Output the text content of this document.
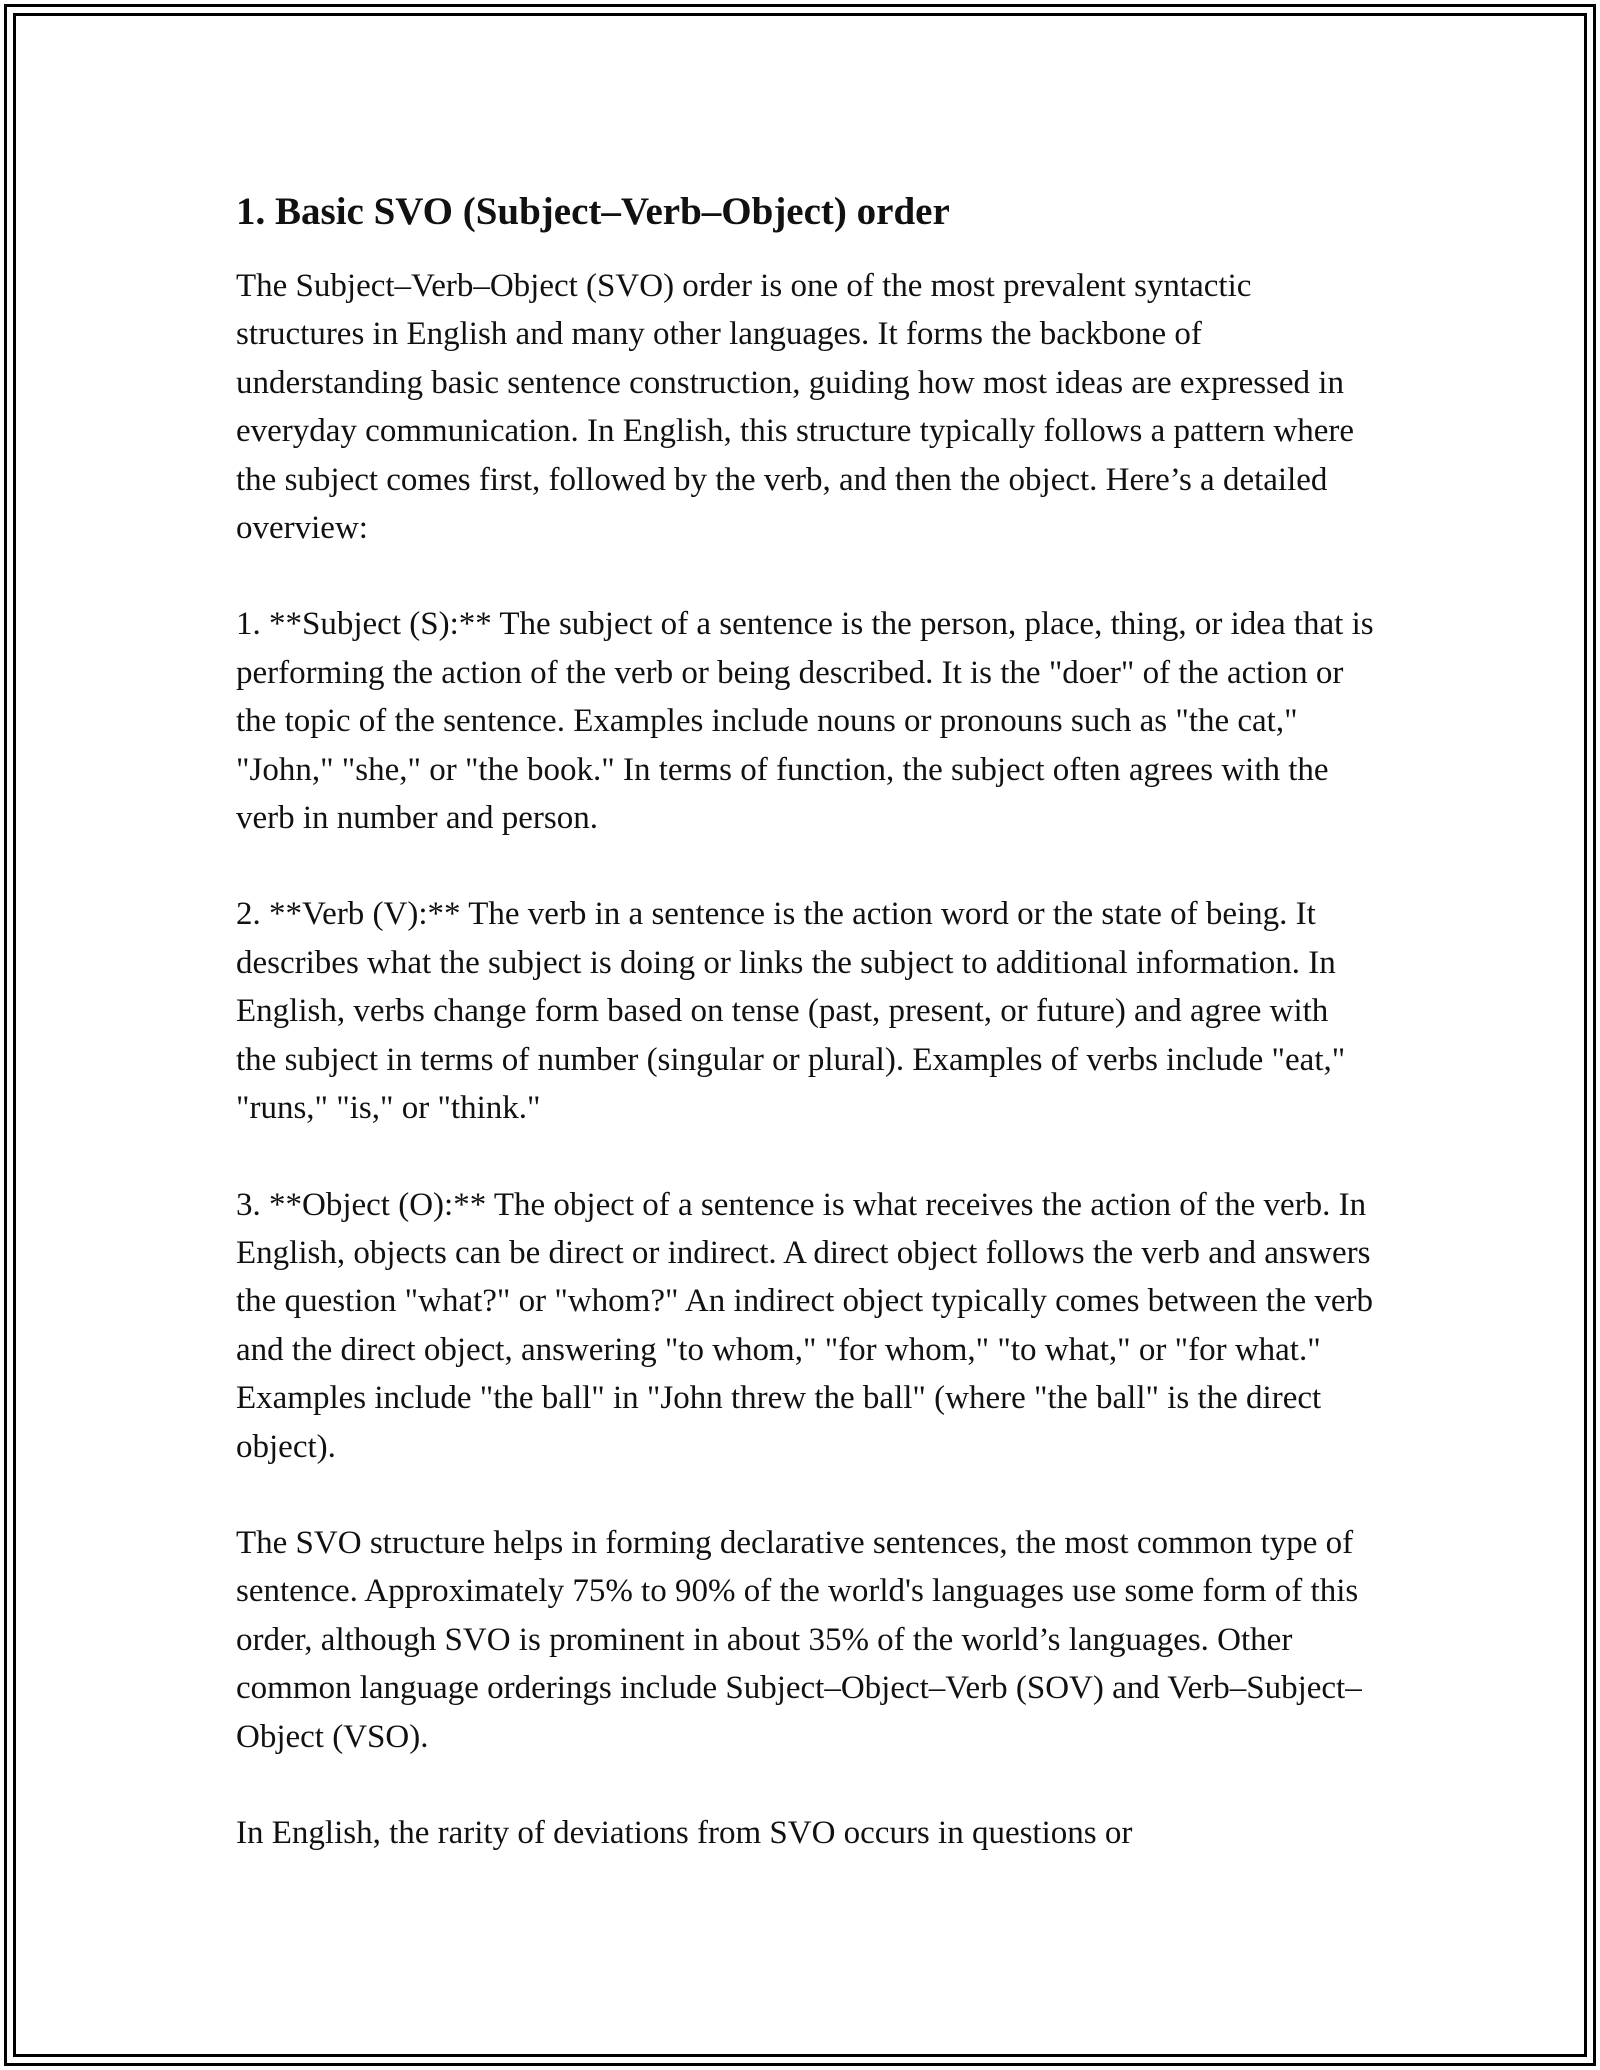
1. Basic SVO (Subject–Verb–Object) order

The Subject–Verb–Object (SVO) order is one of the most prevalent syntactic structures in English and many other languages. It forms the backbone of understanding basic sentence construction, guiding how most ideas are expressed in everyday communication. In English, this structure typically follows a pattern where the subject comes first, followed by the verb, and then the object. Here’s a detailed overview:

1. **Subject (S):** The subject of a sentence is the person, place, thing, or idea that is performing the action of the verb or being described. It is the "doer" of the action or the topic of the sentence. Examples include nouns or pronouns such as "the cat," "John," "she," or "the book." In terms of function, the subject often agrees with the verb in number and person.

2. **Verb (V):** The verb in a sentence is the action word or the state of being. It describes what the subject is doing or links the subject to additional information. In English, verbs change form based on tense (past, present, or future) and agree with the subject in terms of number (singular or plural). Examples of verbs include "eat," "runs," "is," or "think."

3. **Object (O):** The object of a sentence is what receives the action of the verb. In English, objects can be direct or indirect. A direct object follows the verb and answers the question "what?" or "whom?" An indirect object typically comes between the verb and the direct object, answering "to whom," "for whom," "to what," or "for what." Examples include "the ball" in "John threw the ball" (where "the ball" is the direct object).

The SVO structure helps in forming declarative sentences, the most common type of sentence. Approximately 75% to 90% of the world's languages use some form of this order, although SVO is prominent in about 35% of the world’s languages. Other common language orderings include Subject–Object–Verb (SOV) and Verb–Subject–Object (VSO).

In English, the rarity of deviations from SVO occurs in questions or
